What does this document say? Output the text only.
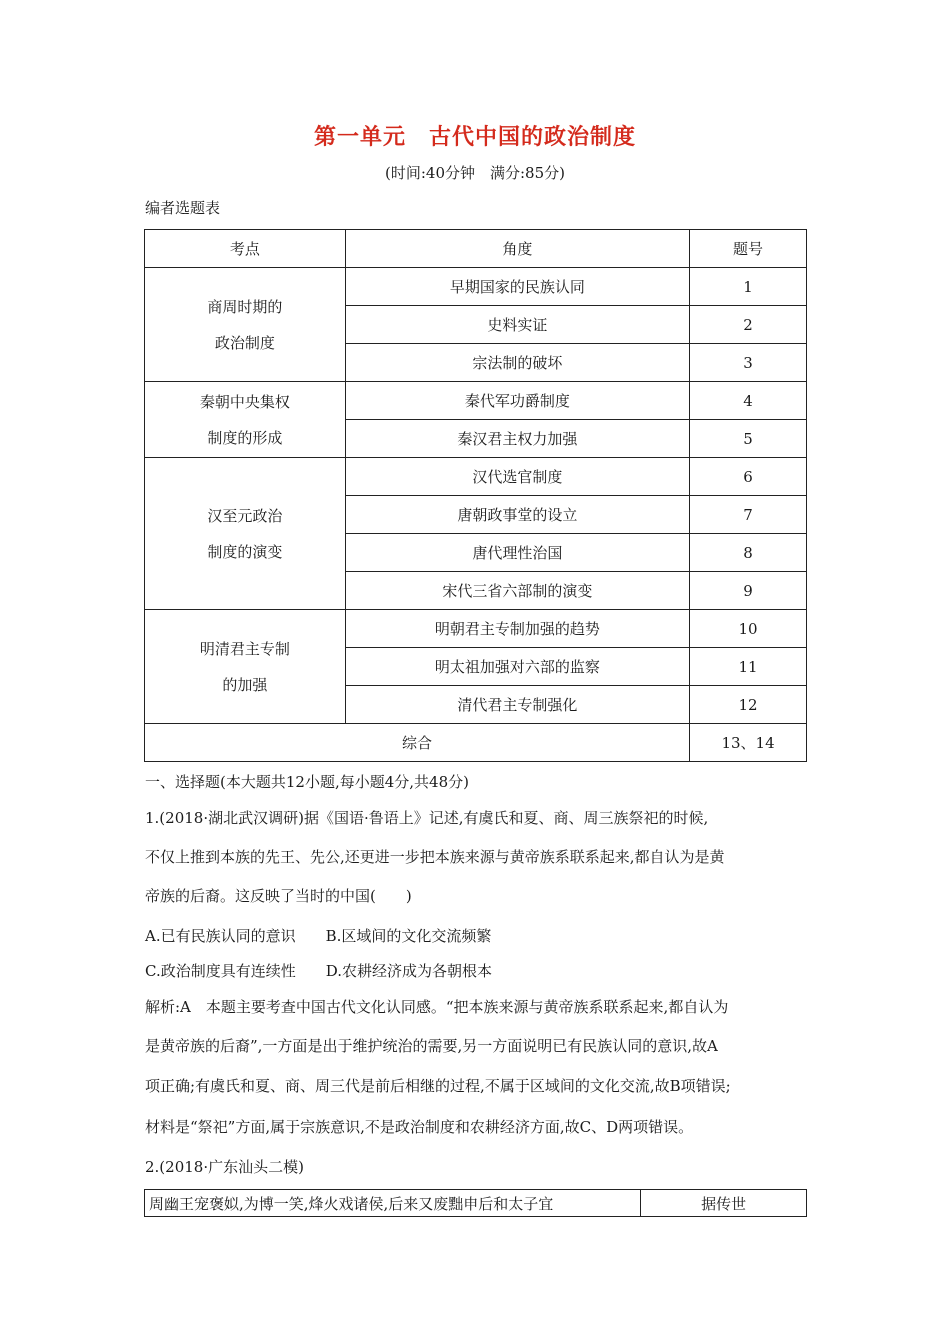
第一单元　古代中国的政治制度
(时间:40分钟　满分:85分)
编者选题表
考点	角度	题号

商周时期的
政治制度	早期国家的民族认同	1
	史料实证	2
	宗法制的破坏	3

秦朝中央集权
制度的形成	秦代军功爵制度	4
	秦汉君主权力加强	5

汉至元政治
制度的演变	汉代选官制度	6
	唐朝政事堂的设立	7
	唐代理性治国	8
	宋代三省六部制的演变	9

明清君主专制
的加强	明朝君主专制加强的趋势	10
	明太祖加强对六部的监察	11
	清代君主专制强化	12
综合		13、14
一、选择题(本大题共12小题,每小题4分,共48分)
1.(2018·湖北武汉调研)据《国语·鲁语上》记述,有虞氏和夏、商、周三族祭祀的时候,
不仅上推到本族的先王、先公,还更进一步把本族来源与黄帝族系联系起来,都自认为是黄
帝族的后裔。这反映了当时的中国(　　)
A.已有民族认同的意识　　B.区域间的文化交流频繁
C.政治制度具有连续性　　D.农耕经济成为各朝根本
解析:A　本题主要考查中国古代文化认同感。“把本族来源与黄帝族系联系起来,都自认为
是黄帝族的后裔”,一方面是出于维护统治的需要,另一方面说明已有民族认同的意识,故A
项正确;有虞氏和夏、商、周三代是前后相继的过程,不属于区域间的文化交流,故B项错误;
材料是“祭祀”方面,属于宗族意识,不是政治制度和农耕经济方面,故C、D两项错误。
2.(2018·广东汕头二模)
周幽王宠褒姒,为博一笑,烽火戏诸侯,后来又废黜申后和太子宜	据传世
